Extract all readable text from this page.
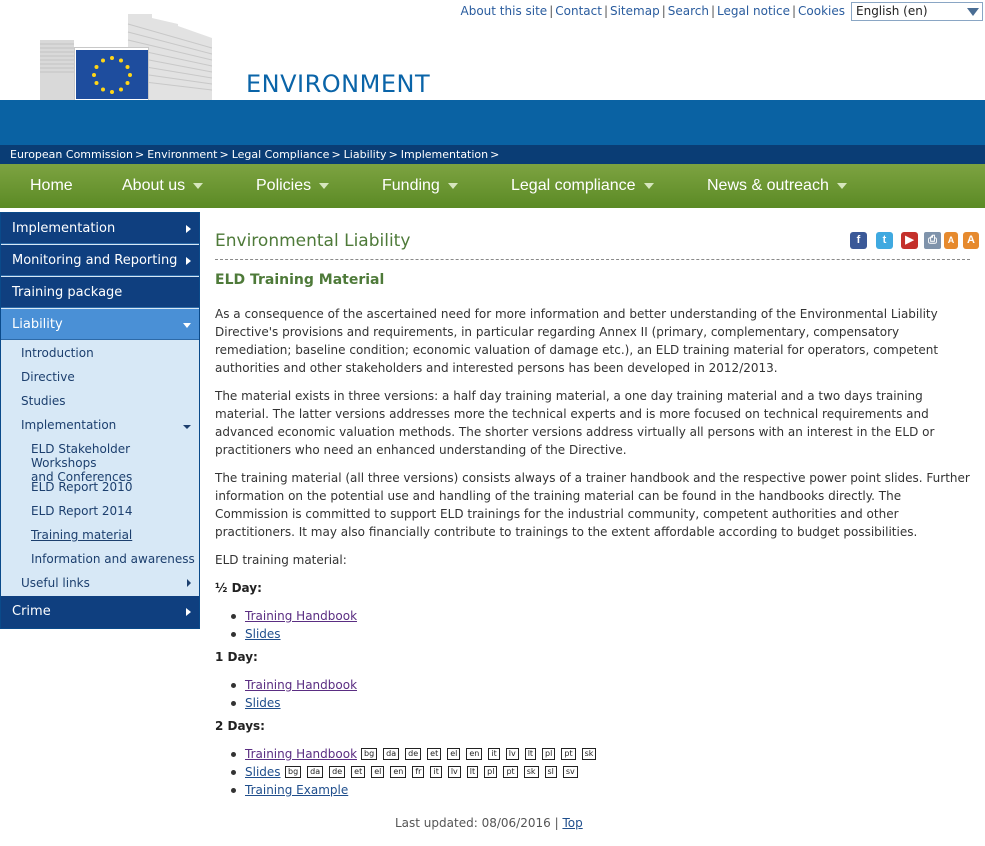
ENVIRONMENT
About this site | Contact | Sitemap | Search | Legal notice | Cookies English (en)
European Commission > Environment > Legal Compliance > Liability > Implementation >
Home	About us	Policies	Funding	Legal compliance	News & outreach
Implementation
Monitoring and Reporting
Training package
Liability
Introduction
Directive
Studies
Implementation
ELD Stakeholder Workshops
and Conferences
ELD Report 2010
ELD Report 2014
Training material
Information and awareness
Useful links
Crime
Environmental Liability	f	t	▶	⎙	A	A
ELD Training Material
As a consequence of the ascertained need for more information and better understanding of the Environmental Liability Directive's provisions and requirements, in particular regarding Annex II (primary, complementary, compensatory remediation; baseline condition; economic valuation of damage etc.), an ELD training material for operators, competent authorities and other stakeholders and interested persons has been developed in 2012/2013.
The material exists in three versions: a half day training material, a one day training material and a two days training material. The latter versions addresses more the technical experts and is more focused on technical requirements and advanced economic valuation methods. The shorter versions address virtually all persons with an interest in the ELD or practitioners who need an enhanced understanding of the Directive.
The training material (all three versions) consists always of a trainer handbook and the respective power point slides. Further information on the potential use and handling of the training material can be found in the handbooks directly. The Commission is committed to support ELD trainings for the industrial community, competent authorities and other practitioners. It may also financially contribute to trainings to the extent affordable according to budget possibilities.
ELD training material:
½ Day:
Training Handbook
Slides
1 Day:
Training Handbook
Slides
2 Days:
Training Handbook bg da de et el en it lv lt pl pt sk
Slides bg da de et el en fr it lv lt pl pt sk sl sv
Training Example
Last updated: 08/06/2016 | Top
